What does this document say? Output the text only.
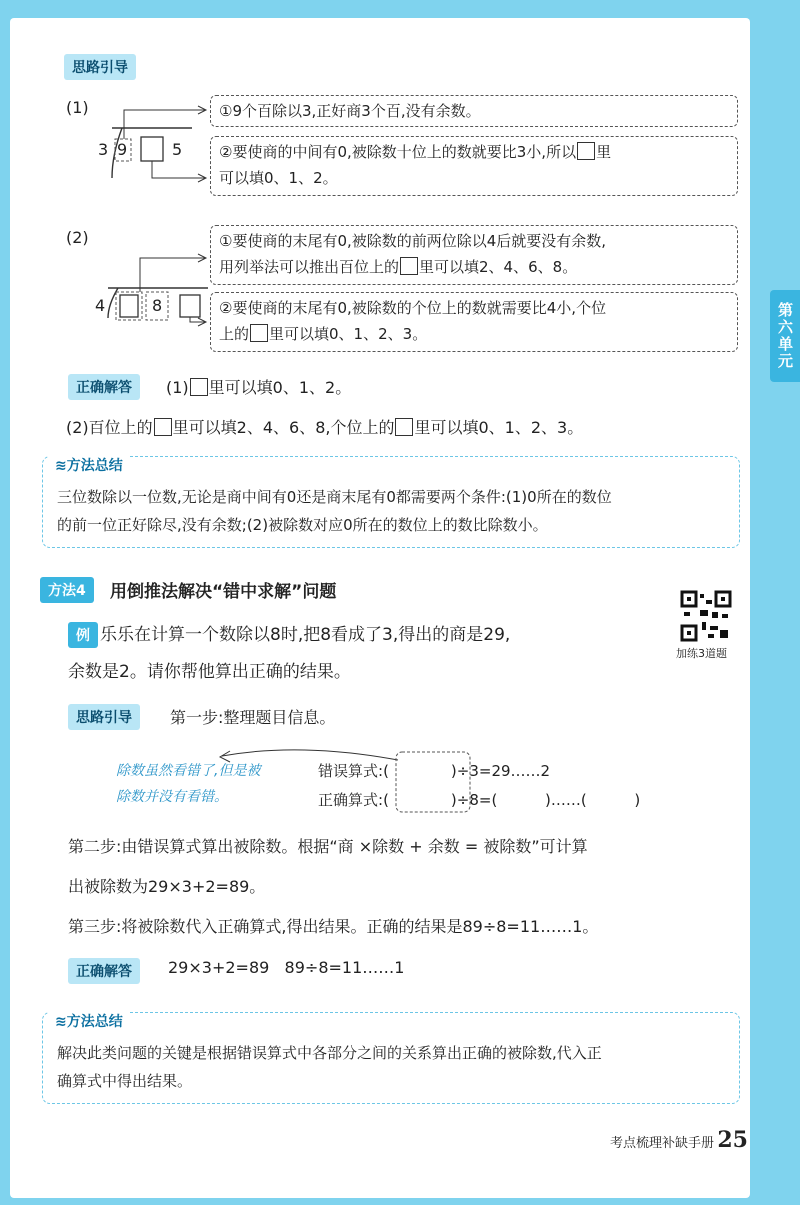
第六单元
思路引导
(1)
3 9	5
①9个百除以3,正好商3个百,没有余数。
②要使商的中间有0,被除数十位上的数就要比3小,所以 里
可以填0、1、2。
(2)
4	8
①要使商的末尾有0,被除数的前两位除以4后就要没有余数,
用列举法可以推出百位上的 里可以填2、4、6、8。
②要使商的末尾有0,被除数的个位上的数就需要比4小,个位
上的 里可以填0、1、2、3。
正确解答	(1) 里可以填0、1、2。
(2)百位上的 里可以填2、4、6、8,个位上的 里可以填0、1、2、3。
≋方法总结
三位数除以一位数,无论是商中间有0还是商末尾有0都需要两个条件:(1)0所在的数位
的前一位正好除尽,没有余数;(2)被除数对应0所在的数位上的数比除数小。
方法4	用倒推法解决“错中求解”问题
加练3道题
例 乐乐在计算一个数除以8时,把8看成了3,得出的商是29,
余数是2。请你帮他算出正确的结果。
思路引导	第一步:整理题目信息。
除数虽然看错了,但是被
除数并没有看错。
错误算式:(	)÷3=29……2
正确算式:(	)÷8=(          )……(          )
第二步:由错误算式算出被除数。根据“商 ×除数 + 余数 = 被除数”可计算
出被除数为29×3+2=89。
第三步:将被除数代入正确算式,得出结果。正确的结果是89÷8=11……1。
正确解答	29×3+2=89   89÷8=11……1
≋方法总结
解决此类问题的关键是根据错误算式中各部分之间的关系算出正确的被除数,代入正
确算式中得出结果。
考点梳理补缺手册 25
